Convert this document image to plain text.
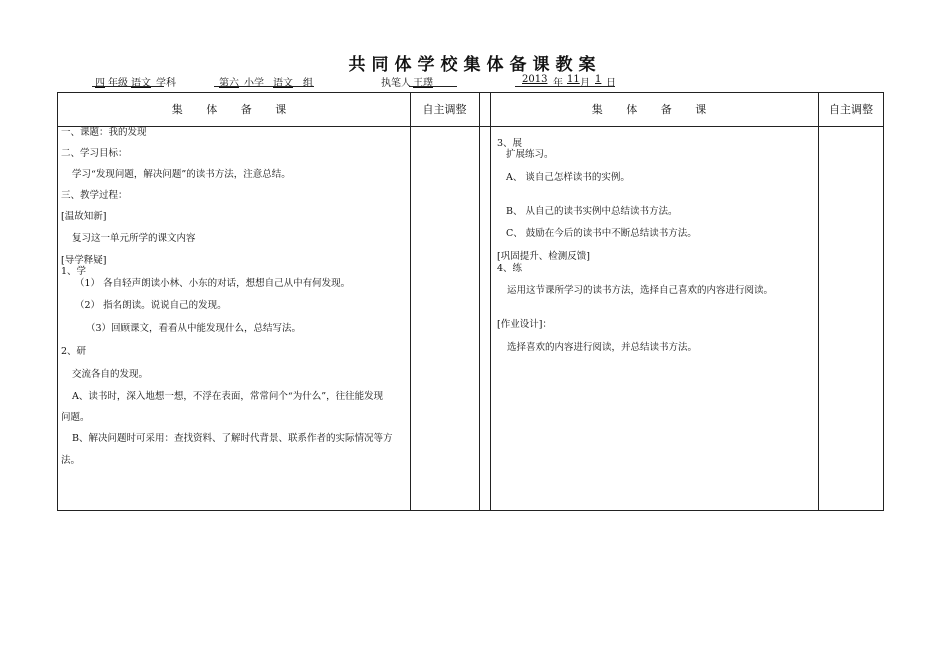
共同体学校集体备课教案
四 年级 语文 学科	第六 小学 语文 组	执笔人 王璞	2013 年 11 月 1 日
集 体 备 课	自主调整	集 体 备 课	自主调整
一、课题：我的发现
二、学习目标：
学习“发现问题，解决问题”的读书方法，注意总结。
三、教学过程：
[温故知新]
复习这一单元所学的课文内容
[导学释疑]
1、学
（1） 各自轻声朗读小林、小东的对话，想想自己从中有何发现。
（2） 指名朗读。说说自己的发现。
（3）回顾课文，看看从中能发现什么，总结写法。
2、研
交流各自的发现。
A、读书时，深入地想一想，不浮在表面，常常问个“为什么”，往往能发现
问题。
B、解决问题时可采用：查找资料、了解时代背景、联系作者的实际情况等方
法。
3、展
扩展练习。
A、 谈自己怎样读书的实例。
B、 从自己的读书实例中总结读书方法。
C、 鼓励在今后的读书中不断总结读书方法。
[巩固提升、检测反馈]
4、练
运用这节课所学习的读书方法，选择自己喜欢的内容进行阅读。
[作业设计]：
选择喜欢的内容进行阅读，并总结读书方法。
